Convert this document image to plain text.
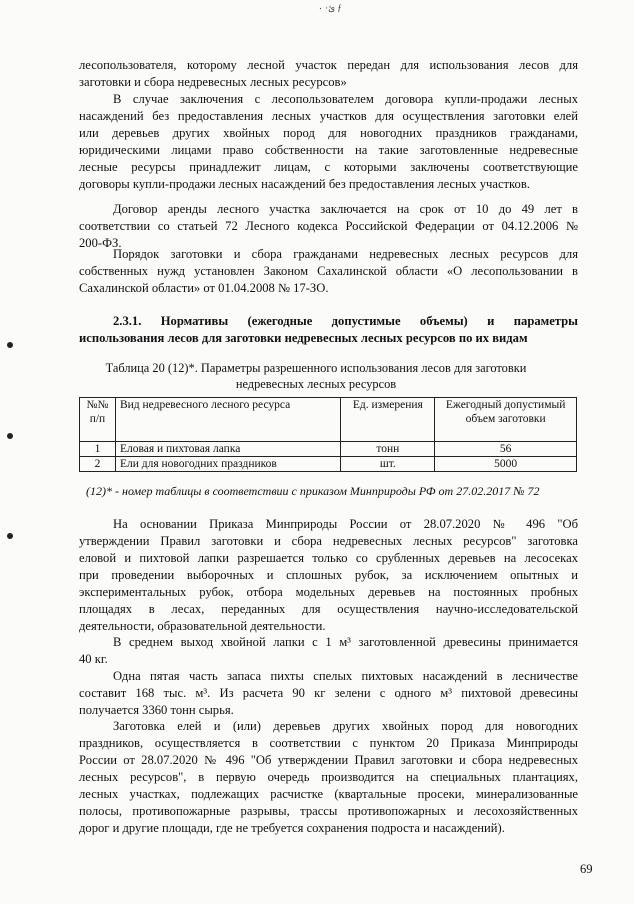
ئ· ٠ ƒ
лесопользователя, которому лесной участок передан для использования лесов для
заготовки и сбора недревесных лесных ресурсов»
В случае заключения с лесопользователем договора купли-продажи лесных
насаждений без предоставления лесных участков для осуществления заготовки елей
или деревьев других хвойных пород для новогодних праздников гражданами,
юридическими лицами право собственности на такие заготовленные недревесные
лесные ресурсы принадлежит лицам, с которыми заключены соответствующие
договоры купли-продажи лесных насаждений без предоставления лесных участков.
Договор аренды лесного участка заключается на срок от 10 до 49 лет в
соответствии со статьей 72 Лесного кодекса Российской Федерации от 04.12.2006 №
200-ФЗ.
Порядок заготовки и сбора гражданами недревесных лесных ресурсов для
собственных нужд установлен Законом Сахалинской области «О лесопользовании в
Сахалинской области» от 01.04.2008 № 17-ЗО.
2.3.1. Нормативы (ежегодные допустимые объемы) и параметры
использования лесов для заготовки недревесных лесных ресурсов по их видам
Таблица 20 (12)*. Параметры разрешенного использования лесов для заготовки
недревесных лесных ресурсов
№№ п/п	Вид недревесного лесного ресурса	Ед. измерения	Ежегодный допустимый объем заготовки
1	Еловая и пихтовая лапка	тонн	56
2	Ели для новогодних праздников	шт.	5000
(12)* - номер таблицы в соответствии с приказом Минприроды РФ от 27.02.2017 № 72
На основании Приказа Минприроды России от 28.07.2020 № 496 "Об
утверждении Правил заготовки и сбора недревесных лесных ресурсов" заготовка
еловой и пихтовой лапки разрешается только со срубленных деревьев на лесосеках
при проведении выборочных и сплошных рубок, за исключением опытных и
экспериментальных рубок, отбора модельных деревьев на постоянных пробных
площадях в лесах, переданных для осуществления научно-исследовательской
деятельности, образовательной деятельности.
В среднем выход хвойной лапки с 1 м³ заготовленной древесины принимается
40 кг.
Одна пятая часть запаса пихты спелых пихтовых насаждений в лесничестве
составит 168 тыс. м³. Из расчета 90 кг зелени с одного м³ пихтовой древесины
получается 3360 тонн сырья.
Заготовка елей и (или) деревьев других хвойных пород для новогодних
праздников, осуществляется в соответствии с пунктом 20 Приказа Минприроды
России от 28.07.2020 № 496 "Об утверждении Правил заготовки и сбора недревесных
лесных ресурсов", в первую очередь производится на специальных плантациях,
лесных участках, подлежащих расчистке (квартальные просеки, минерализованные
полосы, противопожарные разрывы, трассы противопожарных и лесохозяйственных
дорог и другие площади, где не требуется сохранения подроста и насаждений).
69
